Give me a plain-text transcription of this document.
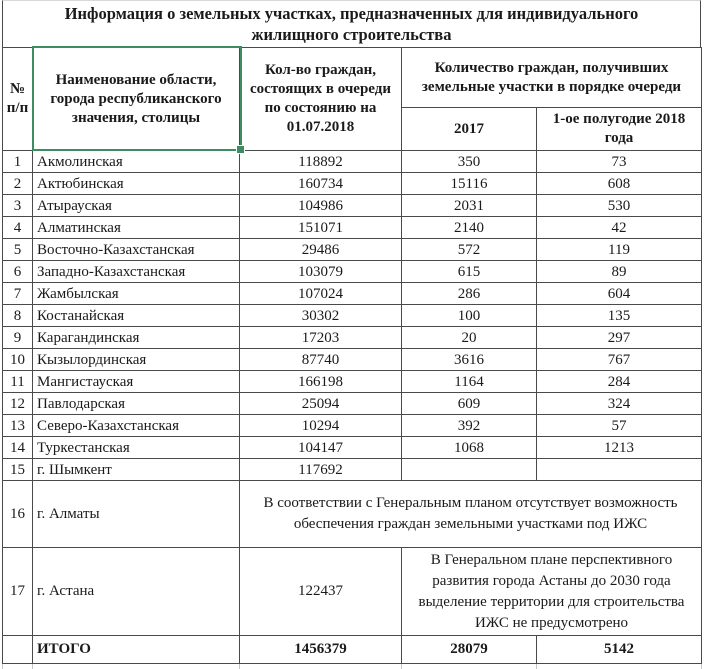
Информация о земельных участках, предназначенных для индивидуального жилищного строительства
№ п/п	Наименование области, города республиканского значения, столицы	Кол-во граждан, состоящих в очереди по состоянию на 01.07.2018	Количество граждан, получивших земельные участки в порядке очереди	
			2017	1-ое полугодие 2018 года
1	Акмолинская	118892	350	73
2	Актюбинская	160734	15116	608
3	Атырауская	104986	2031	530
4	Алматинская	151071	2140	42
5	Восточно-Казахстанская	29486	572	119
6	Западно-Казахстанская	103079	615	89
7	Жамбылская	107024	286	604
8	Костанайская	30302	100	135
9	Карагандинская	17203	20	297
10	Кызылординская	87740	3616	767
11	Мангистауская	166198	1164	284
12	Павлодарская	25094	609	324
13	Северо-Казахстанская	10294	392	57
14	Туркестанская	104147	1068	1213
15	г. Шымкент	117692		
16	г. Алматы	В соответствии с Генеральным планом отсутствует возможность обеспечения граждан земельными участками под ИЖС		
17	г. Астана	122437	В Генеральном плане перспективного развития города Астаны до 2030 года выделение территории для строительства ИЖС не предусмотрено	
	ИТОГО	1456379	28079	5142
